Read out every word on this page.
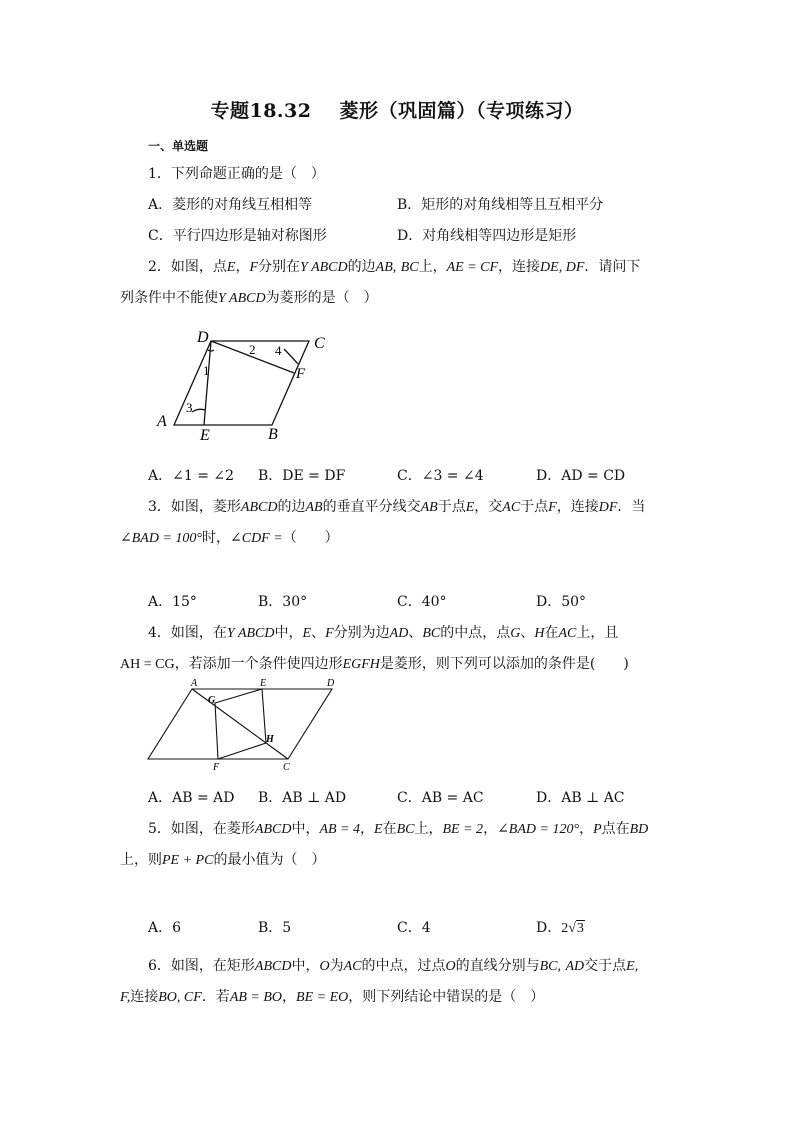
专题18.32 菱形（巩固篇）（专项练习）
一、单选题
1．下列命题正确的是（　）
A．菱形的对角线互相相等	B．矩形的对角线相等且互相平分
C．平行四边形是轴对称图形	D．对角线相等四边形是矩形
2．如图，点E，F分别在Y ABCD的边AB, BC上，AE = CF，连接DE, DF．请问下
列条件中不能使Y ABCD为菱形的是（　）
D	C
F
A
E	B
1
2
3
4
A．∠1 = ∠2 B．DE = DF	C．∠3 = ∠4	D．AD = CD
3．如图，菱形ABCD的边AB的垂直平分线交AB于点E，交AC于点F，连接DF．当
∠BAD = 100°时，∠CDF =（　　）
A．15°	B．30°	C．40°	D．50°
4．如图，在Y ABCD中，E、F分别为边AD、BC的中点，点G、H在AC上，且
AH = CG，若添加一个条件使四边形EGFH是菱形，则下列可以添加的条件是(　　)
A	E	D
G
H
F	C
A．AB = AD B．AB ⊥ AD	C．AB = AC	D．AB ⊥ AC
5．如图，在菱形ABCD中，AB = 4，E在BC上，BE = 2，∠BAD = 120°，P点在BD
上，则PE + PC的最小值为（　）
A．6	B．5	C．4	D．2√3
6．如图，在矩形ABCD中，O为AC的中点，过点O的直线分别与BC, AD交于点E,
F,连接BO, CF．若AB = BO，BE = EO，则下列结论中错误的是（　）
